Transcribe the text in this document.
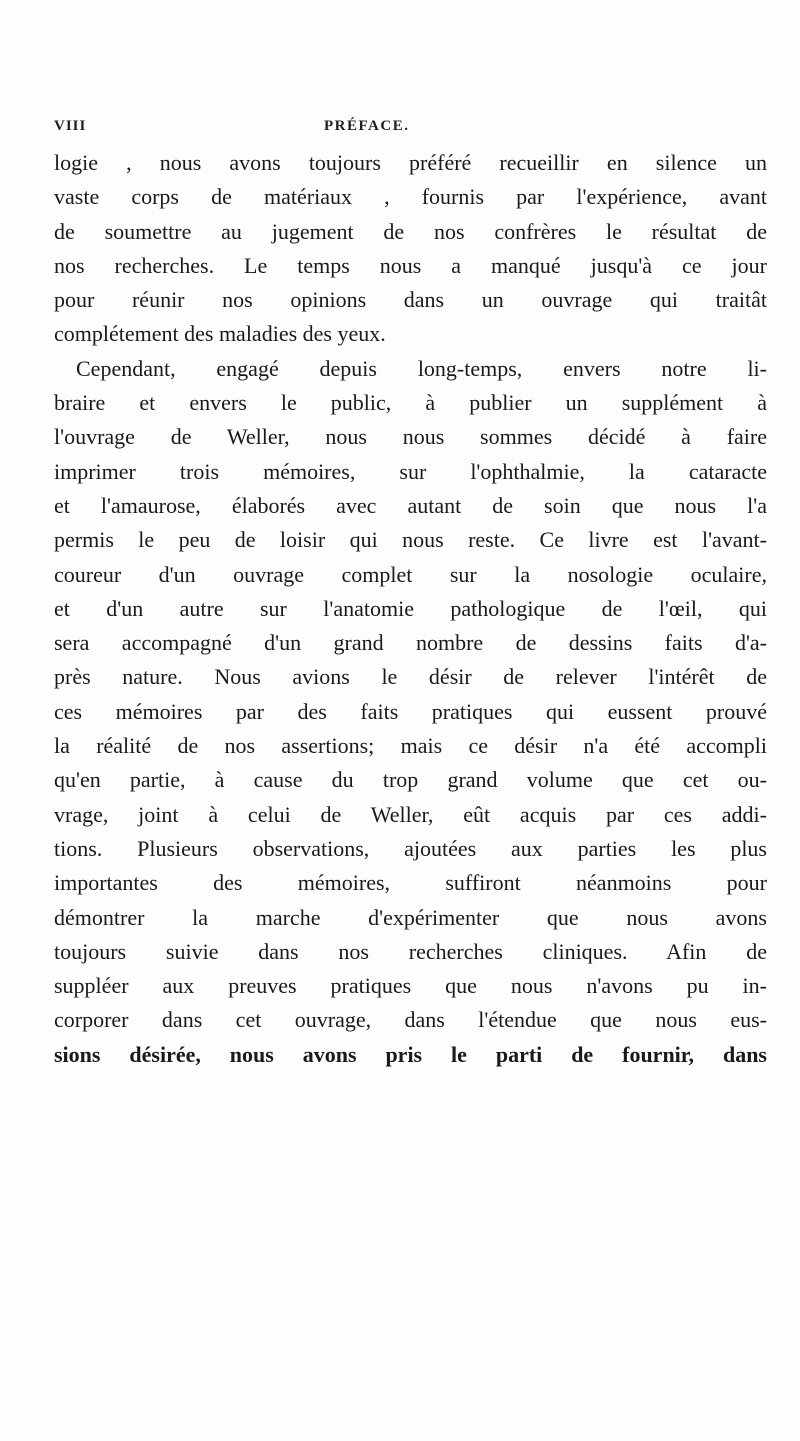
VIII	PRÉFACE.
logie , nous avons toujours préféré recueillir en silence un
vaste corps de matériaux , fournis par l'expérience, avant
de soumettre au jugement de nos confrères le résultat de
nos recherches. Le temps nous a manqué jusqu'à ce jour
pour réunir nos opinions dans un ouvrage qui traitât
complétement des maladies des yeux.
Cependant, engagé depuis long-temps, envers notre li-
braire et envers le public, à publier un supplément à
l'ouvrage de Weller, nous nous sommes décidé à faire
imprimer trois mémoires, sur l'ophthalmie, la cataracte
et l'amaurose, élaborés avec autant de soin que nous l'a
permis le peu de loisir qui nous reste. Ce livre est l'avant-
coureur d'un ouvrage complet sur la nosologie oculaire,
et d'un autre sur l'anatomie pathologique de l'œil, qui
sera accompagné d'un grand nombre de dessins faits d'a-
près nature. Nous avions le désir de relever l'intérêt de
ces mémoires par des faits pratiques qui eussent prouvé
la réalité de nos assertions; mais ce désir n'a été accompli
qu'en partie, à cause du trop grand volume que cet ou-
vrage, joint à celui de Weller, eût acquis par ces addi-
tions. Plusieurs observations, ajoutées aux parties les plus
importantes des mémoires, suffiront néanmoins pour
démontrer la marche d'expérimenter que nous avons
toujours suivie dans nos recherches cliniques. Afin de
suppléer aux preuves pratiques que nous n'avons pu in-
corporer dans cet ouvrage, dans l'étendue que nous eus-
sions désirée, nous avons pris le parti de fournir, dans
